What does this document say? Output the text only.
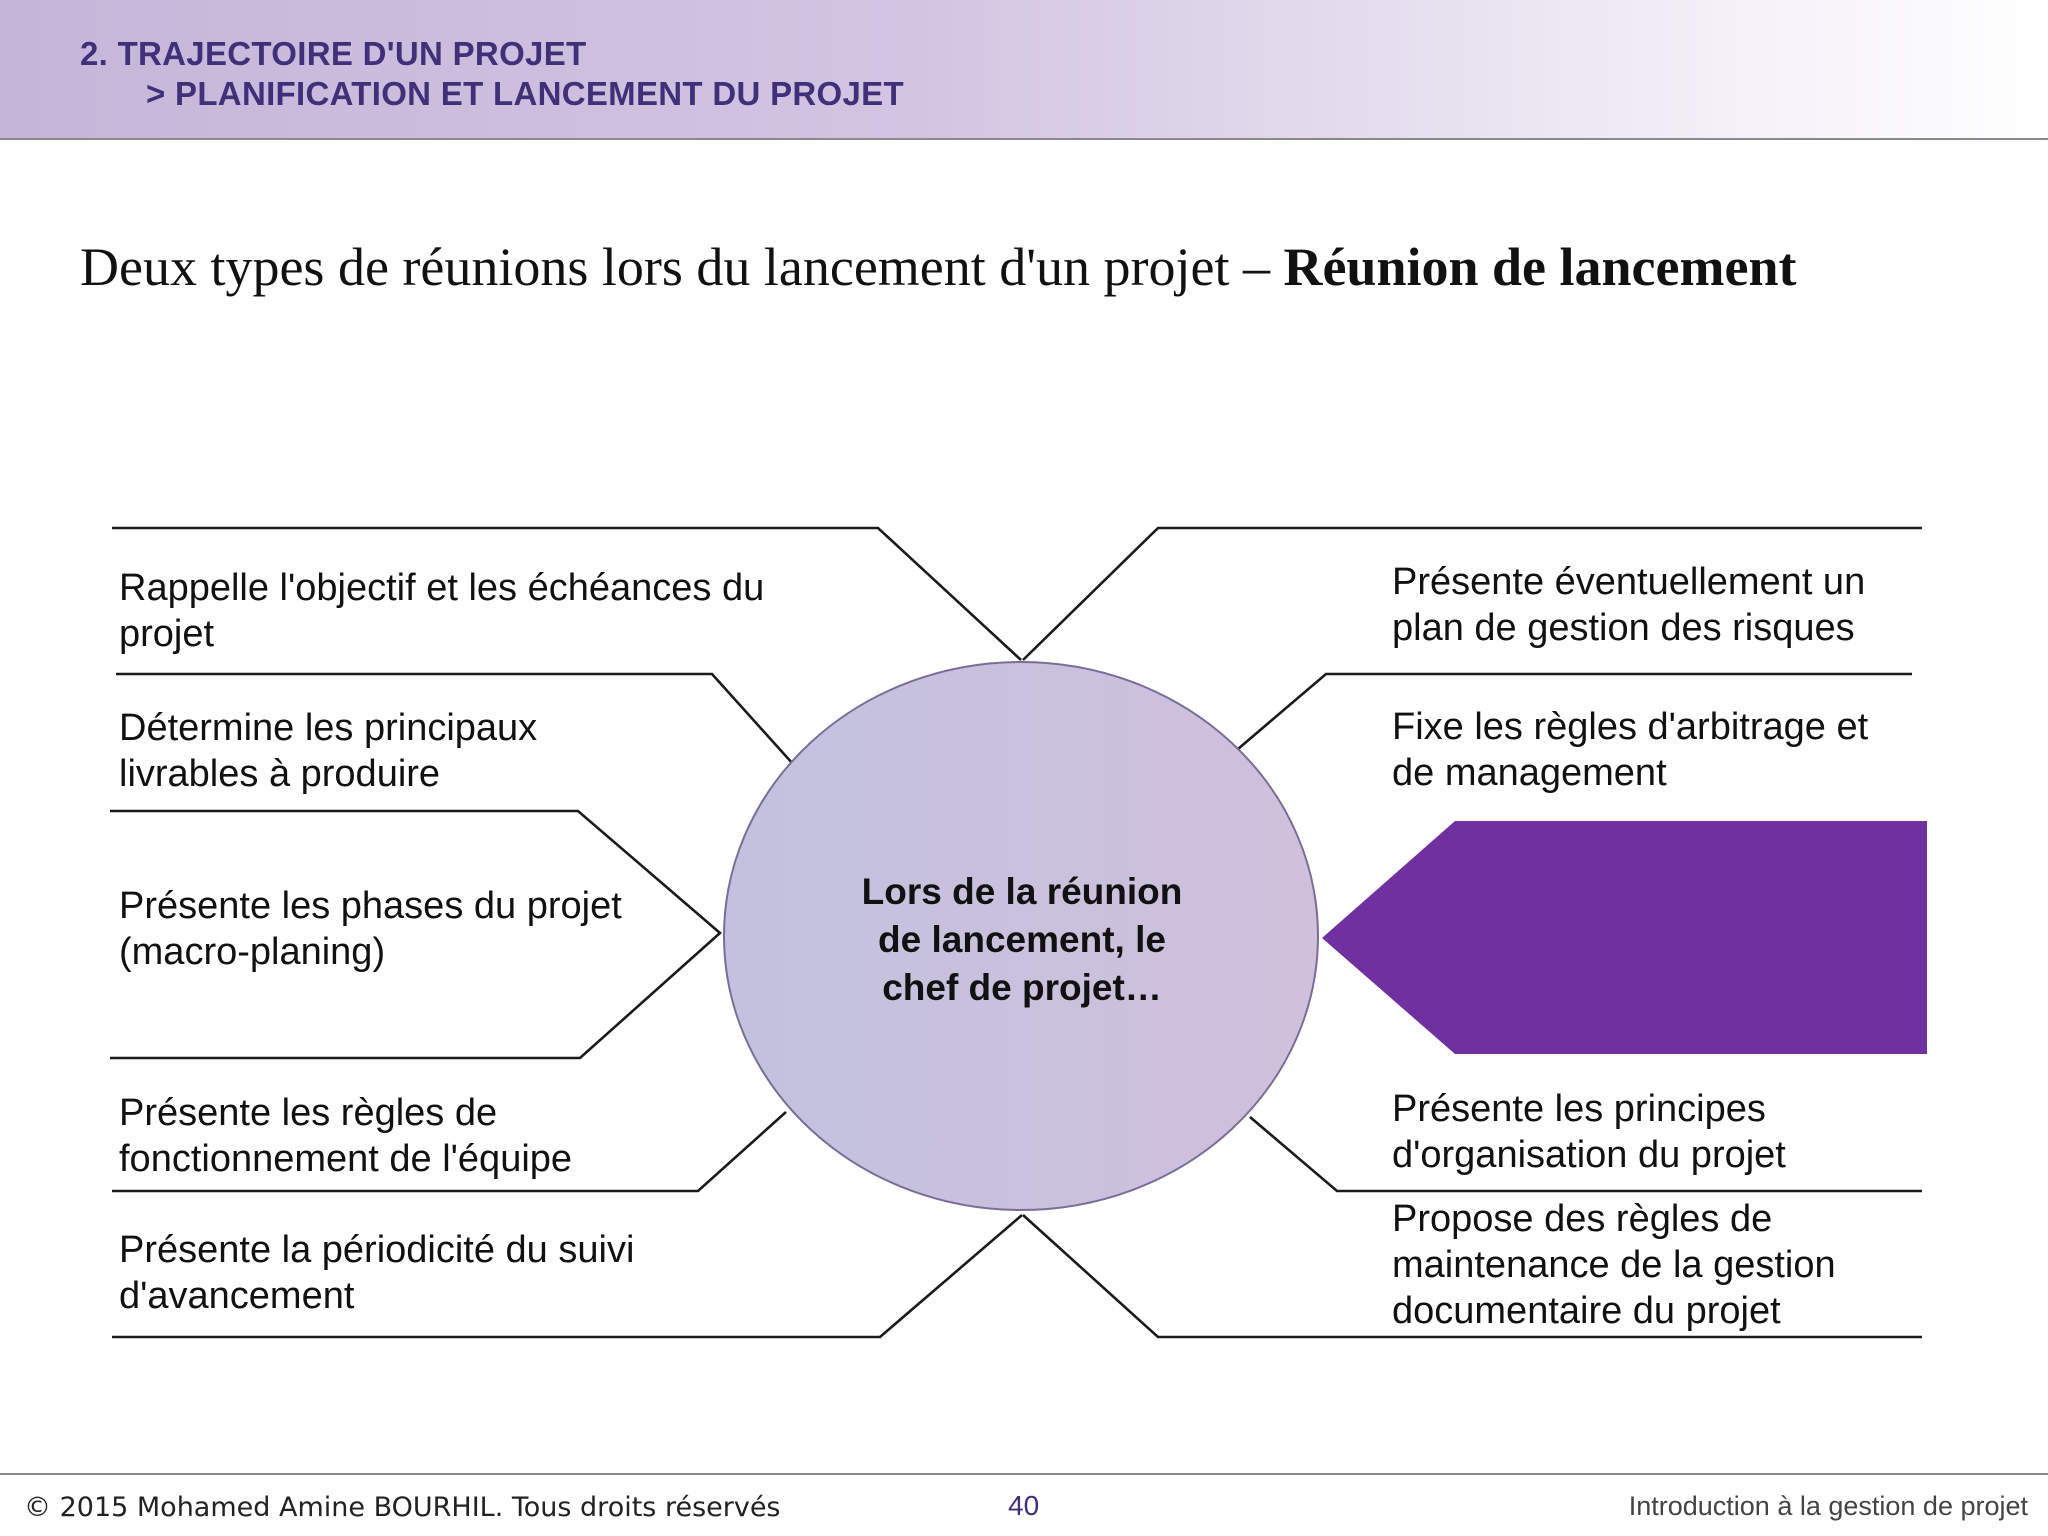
2. TRAJECTOIRE D'UN PROJET
> PLANIFICATION ET LANCEMENT DU PROJET
Deux types de réunions lors du lancement d'un projet – Réunion de lancement
Lors de la réunion
de lancement, le
chef de projet…
Rappelle l'objectif et les échéances du
projet
Détermine les principaux
livrables à produire
Présente les phases du projet
(macro-planing)
Présente les règles de
fonctionnement de l'équipe
Présente la périodicité du suivi
d'avancement
Présente éventuellement un
plan de gestion des risques
Fixe les règles d'arbitrage et
de management
Présente les principes
d'organisation du projet
Propose des règles de
maintenance de la gestion
documentaire du projet
© 2015 Mohamed Amine BOURHIL. Tous droits réservés	40	Introduction à la gestion de projet
